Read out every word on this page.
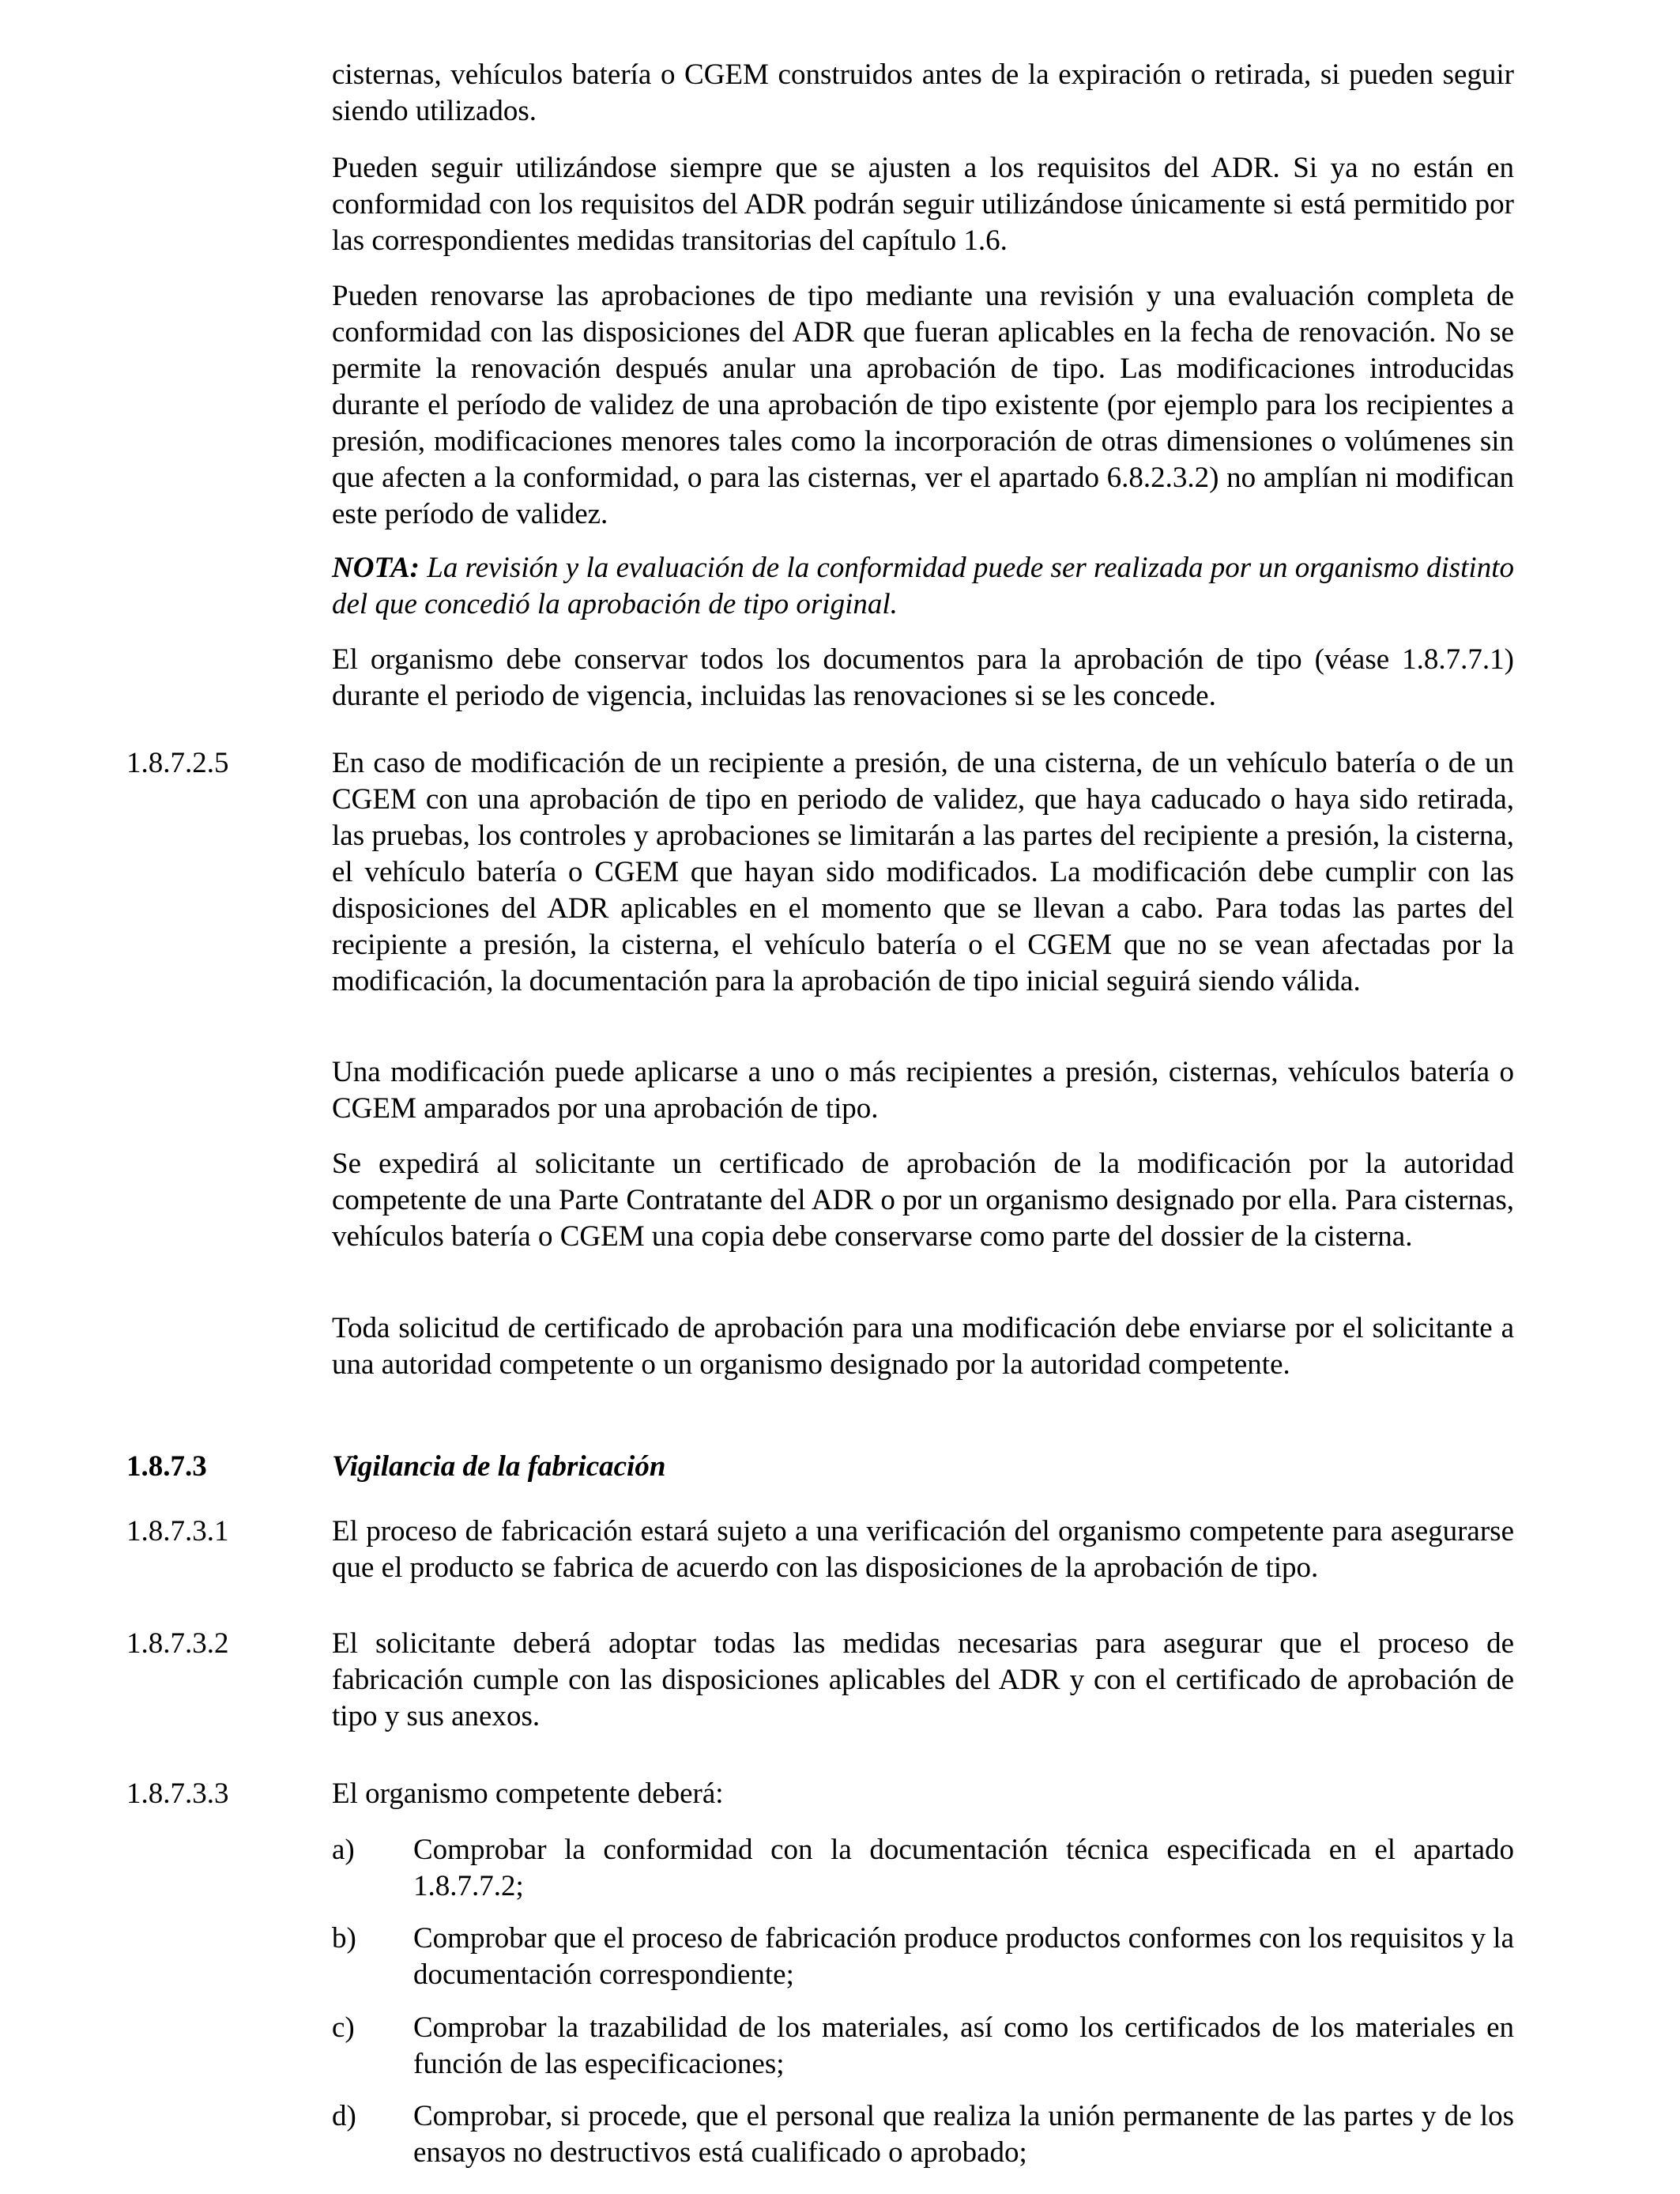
cisternas, vehículos batería o CGEM construidos antes de la expiración o retirada, si pueden seguir siendo utilizados.

Pueden seguir utilizándose siempre que se ajusten a los requisitos del ADR. Si ya no están en conformidad con los requisitos del ADR podrán seguir utilizándose únicamente si está permitido por las correspondientes medidas transitorias del capítulo 1.6.

Pueden renovarse las aprobaciones de tipo mediante una revisión y una evaluación completa de conformidad con las disposiciones del ADR que fueran aplicables en la fecha de renovación. No se permite la renovación después anular una aprobación de tipo. Las modificaciones introducidas durante el período de validez de una aprobación de tipo existente (por ejemplo para los recipientes a presión, modificaciones menores tales como la incorporación de otras dimensiones o volúmenes sin que afecten a la conformidad, o para las cisternas, ver el apartado 6.8.2.3.2) no amplían ni modifican este período de validez.

NOTA: La revisión y la evaluación de la conformidad puede ser realizada por un organismo distinto del que concedió la aprobación de tipo original.

El organismo debe conservar todos los documentos para la aprobación de tipo (véase 1.8.7.7.1) durante el periodo de vigencia, incluidas las renovaciones si se les concede.

1.8.7.2.5	En caso de modificación de un recipiente a presión, de una cisterna, de un vehículo batería o de un CGEM con una aprobación de tipo en periodo de validez, que haya caducado o haya sido retirada, las pruebas, los controles y aprobaciones se limitarán a las partes del recipiente a presión, la cisterna, el vehículo batería o CGEM que hayan sido modificados. La modificación debe cumplir con las disposiciones del ADR aplicables en el momento que se llevan a cabo. Para todas las partes del recipiente a presión, la cisterna, el vehículo batería o el CGEM que no se vean afectadas por la modificación, la documentación para la aprobación de tipo inicial seguirá siendo válida.

Una modificación puede aplicarse a uno o más recipientes a presión, cisternas, vehículos batería o CGEM amparados por una aprobación de tipo.

Se expedirá al solicitante un certificado de aprobación de la modificación por la autoridad competente de una Parte Contratante del ADR o por un organismo designado por ella. Para cisternas, vehículos batería o CGEM una copia debe conservarse como parte del dossier de la cisterna.

Toda solicitud de certificado de aprobación para una modificación debe enviarse por el solicitante a una autoridad competente o un organismo designado por la autoridad competente.

1.8.7.3	Vigilancia de la fabricación

1.8.7.3.1	El proceso de fabricación estará sujeto a una verificación del organismo competente para asegurarse que el producto se fabrica de acuerdo con las disposiciones de la aprobación de tipo.

1.8.7.3.2	El solicitante deberá adoptar todas las medidas necesarias para asegurar que el proceso de fabricación cumple con las disposiciones aplicables del ADR y con el certificado de aprobación de tipo y sus anexos.

1.8.7.3.3	El organismo competente deberá:

a) Comprobar la conformidad con la documentación técnica especificada en el apartado 1.8.7.7.2;

b) Comprobar que el proceso de fabricación produce productos conformes con los requisitos y la documentación correspondiente;

c) Comprobar la trazabilidad de los materiales, así como los certificados de los materiales en función de las especificaciones;

d) Comprobar, si procede, que el personal que realiza la unión permanente de las partes y de los ensayos no destructivos está cualificado o aprobado;
